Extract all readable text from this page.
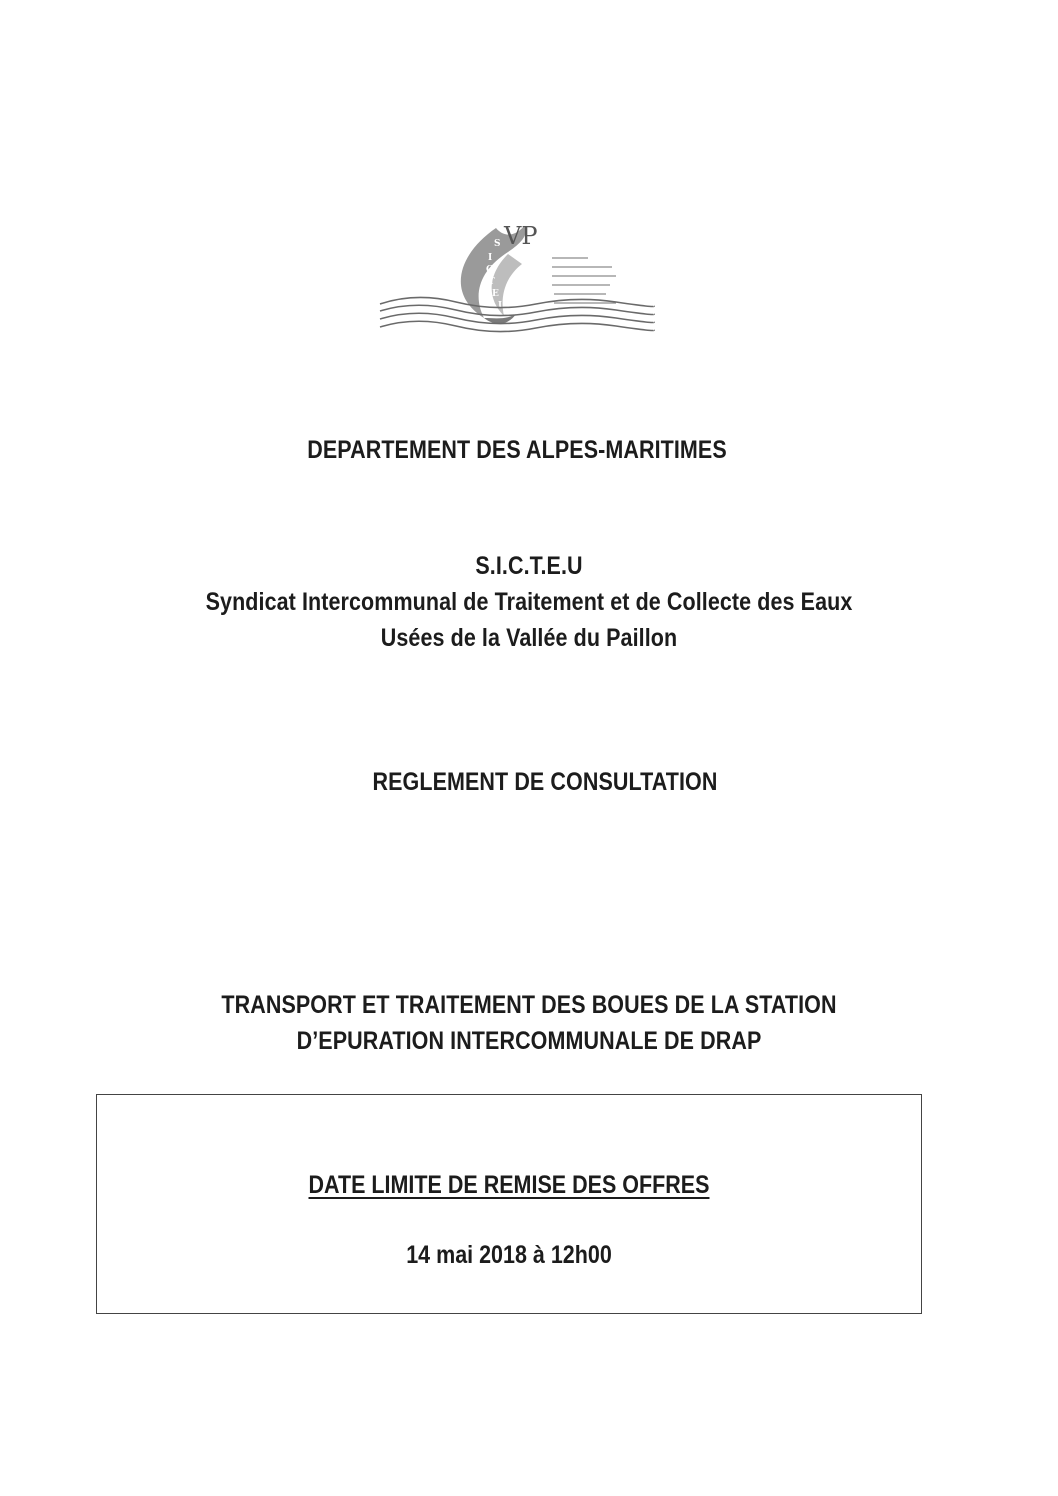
S
I
C
T
E
U
VP
DEPARTEMENT DES ALPES-MARITIMES
S.I.C.T.E.U
Syndicat Intercommunal de Traitement et de Collecte des Eaux
Usées de la Vallée du Paillon
REGLEMENT DE CONSULTATION
TRANSPORT ET TRAITEMENT DES BOUES DE LA STATION
D’EPURATION INTERCOMMUNALE DE DRAP
DATE LIMITE DE REMISE DES OFFRES
14 mai 2018 à 12h00
